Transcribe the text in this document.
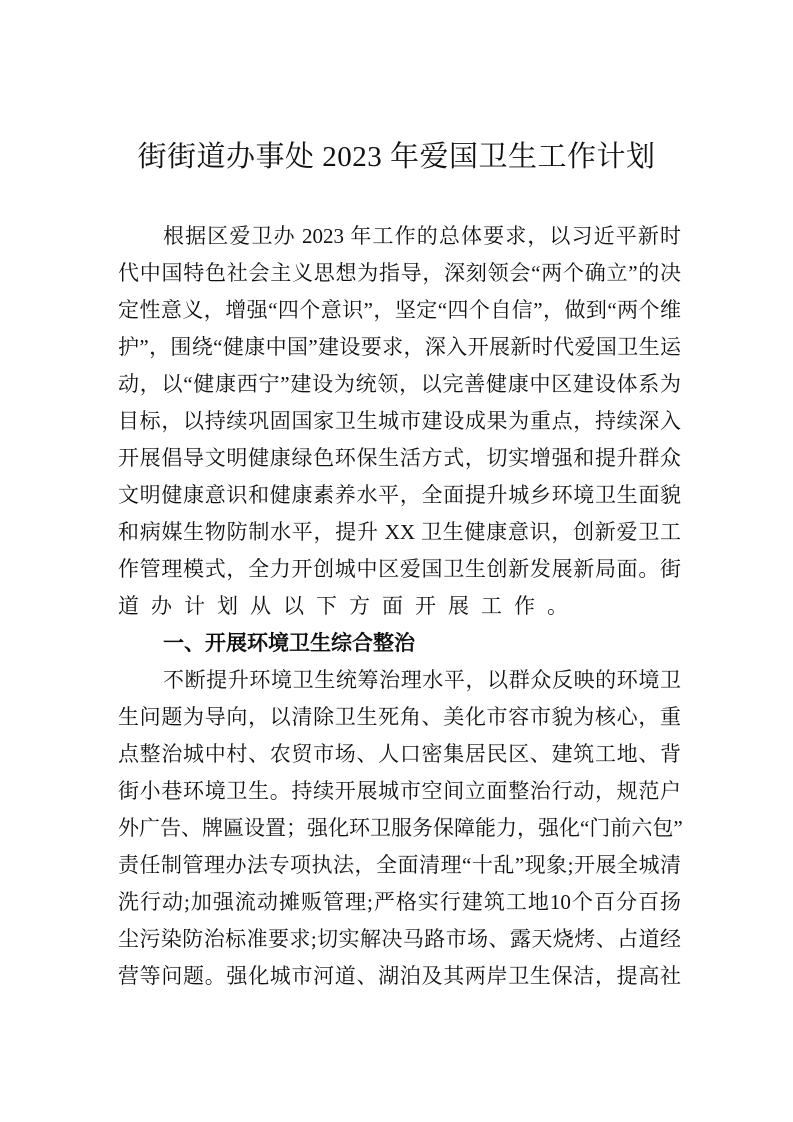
街街道办事处 2023 年爱国卫生工作计划
根据区爱卫办 2023 年工作的总体要求，以习近平新时
代中国特色社会主义思想为指导，深刻领会“两个确立”的决
定性意义，增强“四个意识”，坚定“四个自信”，做到“两个维
护”，围绕“健康中国”建设要求，深入开展新时代爱国卫生运
动，以“健康西宁”建设为统领，以完善健康中区建设体系为
目标，以持续巩固国家卫生城市建设成果为重点，持续深入
开展倡导文明健康绿色环保生活方式，切实增强和提升群众
文明健康意识和健康素养水平，全面提升城乡环境卫生面貌
和病媒生物防制水平，提升 XX 卫生健康意识，创新爱卫工
作管理模式，全力开创城中区爱国卫生创新发展新局面。街
道办计划从以下方面开展工作。
一、开展环境卫生综合整治
不断提升环境卫生统筹治理水平，以群众反映的环境卫
生问题为导向，以清除卫生死角、美化市容市貌为核心，重
点整治城中村、农贸市场、人口密集居民区、建筑工地、背
街小巷环境卫生。持续开展城市空间立面整治行动，规范户
外广告、牌匾设置；强化环卫服务保障能力，强化“门前六包”
责任制管理办法专项执法，全面清理“十乱”现象;开展全城清
洗行动;加强流动摊贩管理;严格实行建筑工地10个百分百扬
尘污染防治标准要求;切实解决马路市场、露天烧烤、占道经
营等问题。强化城市河道、湖泊及其两岸卫生保洁，提高社
